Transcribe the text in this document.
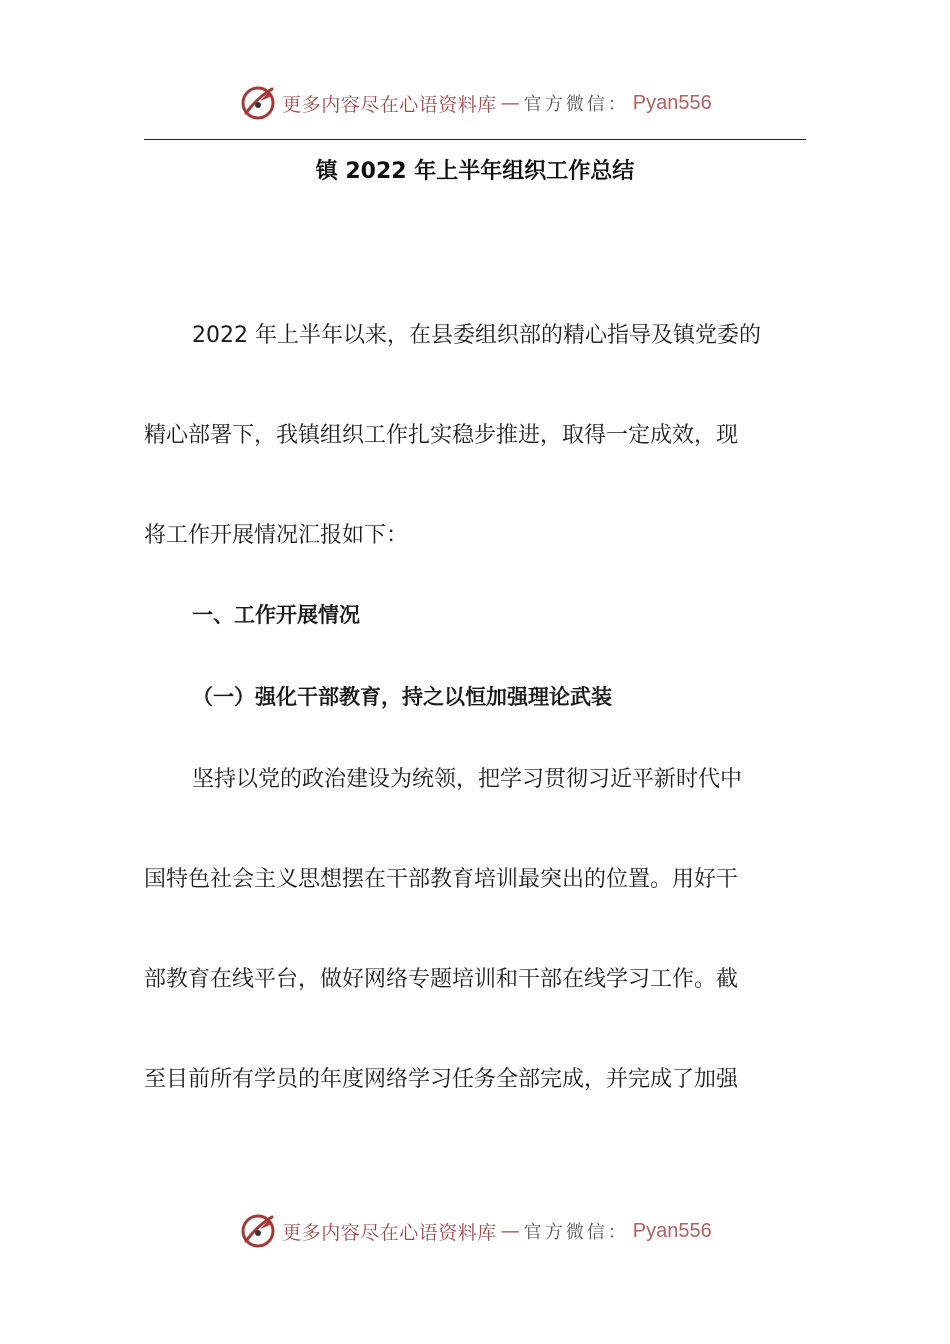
更多内容尽在心语资料库 — 官方微信： Pyan556
镇 2022 年上半年组织工作总结
2022 年上半年以来，在县委组织部的精心指导及镇党委的
精心部署下，我镇组织工作扎实稳步推进，取得一定成效，现
将工作开展情况汇报如下：
一、工作开展情况
（一）强化干部教育，持之以恒加强理论武装
坚持以党的政治建设为统领，把学习贯彻习近平新时代中
国特色社会主义思想摆在干部教育培训最突出的位置。用好干
部教育在线平台，做好网络专题培训和干部在线学习工作。截
至目前所有学员的年度网络学习任务全部完成，并完成了加强
更多内容尽在心语资料库 — 官方微信： Pyan556
